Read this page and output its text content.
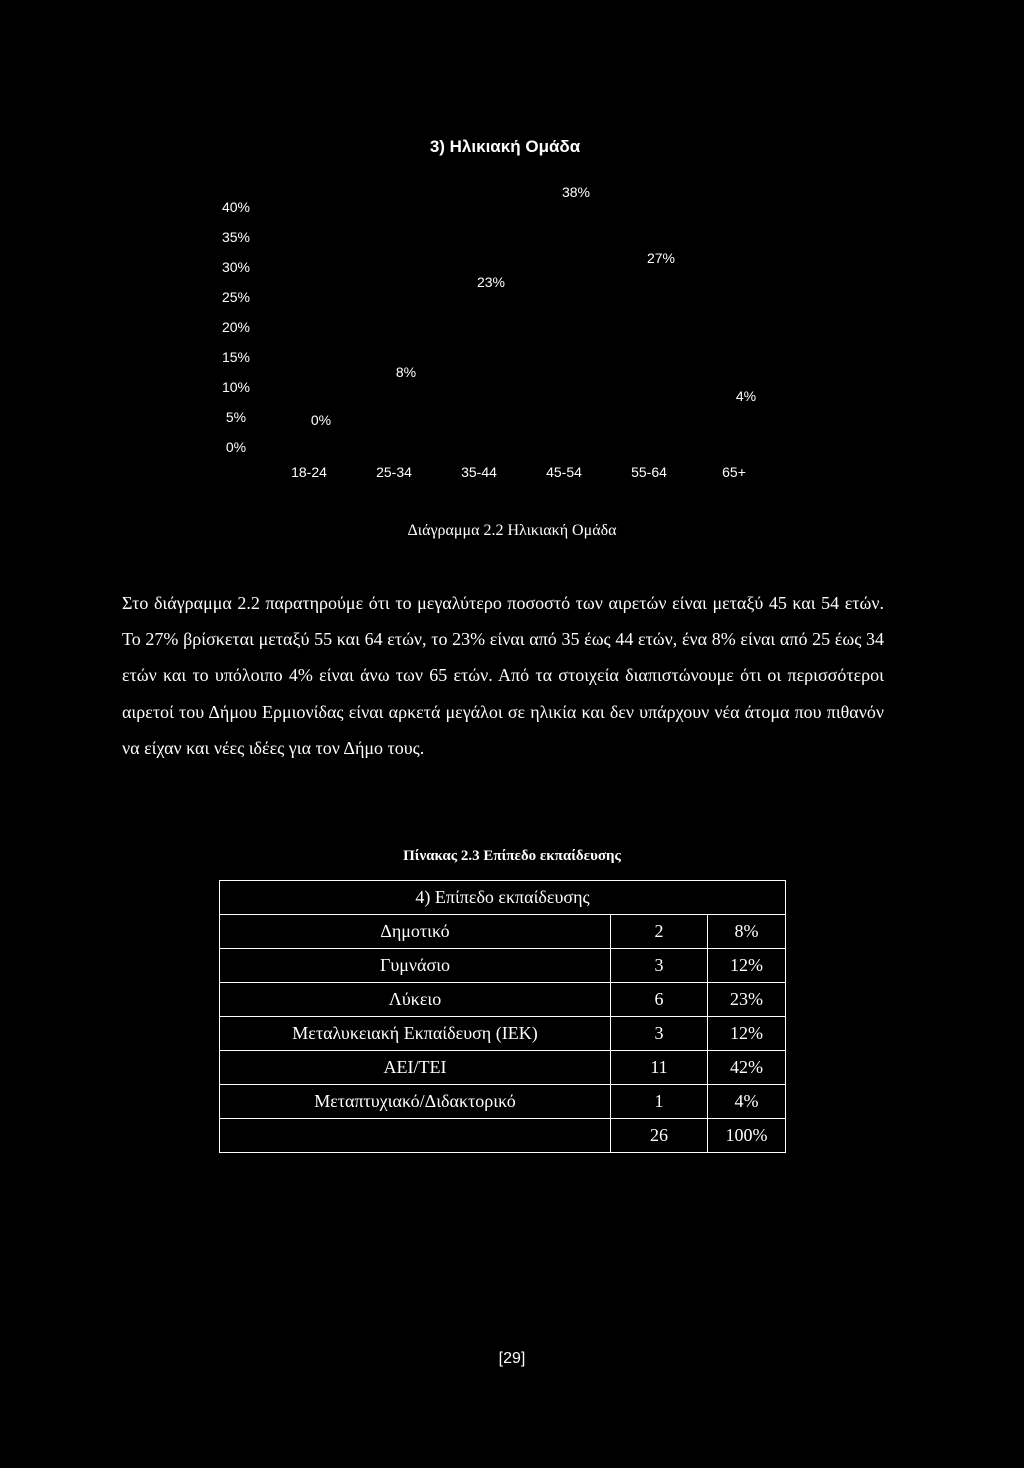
3) Ηλικιακή Ομάδα
40%
35%
30%
25%
20%
15%
10%
5%
0%
18-24	25-34	35-44	45-54	55-64	65+
0%
8%
23%
38%
27%
4%
Διάγραμμα 2.2 Ηλικιακή Ομάδα

Στο διάγραμμα 2.2 παρατηρούμε ότι το μεγαλύτερο ποσοστό των αιρετών είναι μεταξύ 45 και 54 ετών. Το 27% βρίσκεται μεταξύ 55 και 64 ετών, το 23% είναι από 35 έως 44 ετών, ένα 8% είναι από 25 έως 34 ετών και το υπόλοιπο 4% είναι άνω των 65 ετών. Από τα στοιχεία διαπιστώνουμε ότι οι περισσότεροι αιρετοί του Δήμου Ερμιονίδας είναι αρκετά μεγάλοι σε ηλικία και δεν υπάρχουν νέα άτομα που πιθανόν να είχαν και νέες ιδέες για τον Δήμο τους.

Πίνακας 2.3 Επίπεδο εκπαίδευσης
4) Επίπεδο εκπαίδευσης		
Δημοτικό	2	8%
Γυμνάσιο	3	12%
Λύκειο	6	23%
Μεταλυκειακή Εκπαίδευση (ΙΕΚ)	3	12%
ΑΕΙ/ΤΕΙ	11	42%
Μεταπτυχιακό/Διδακτορικό	1	4%
	26	100%
[29]
